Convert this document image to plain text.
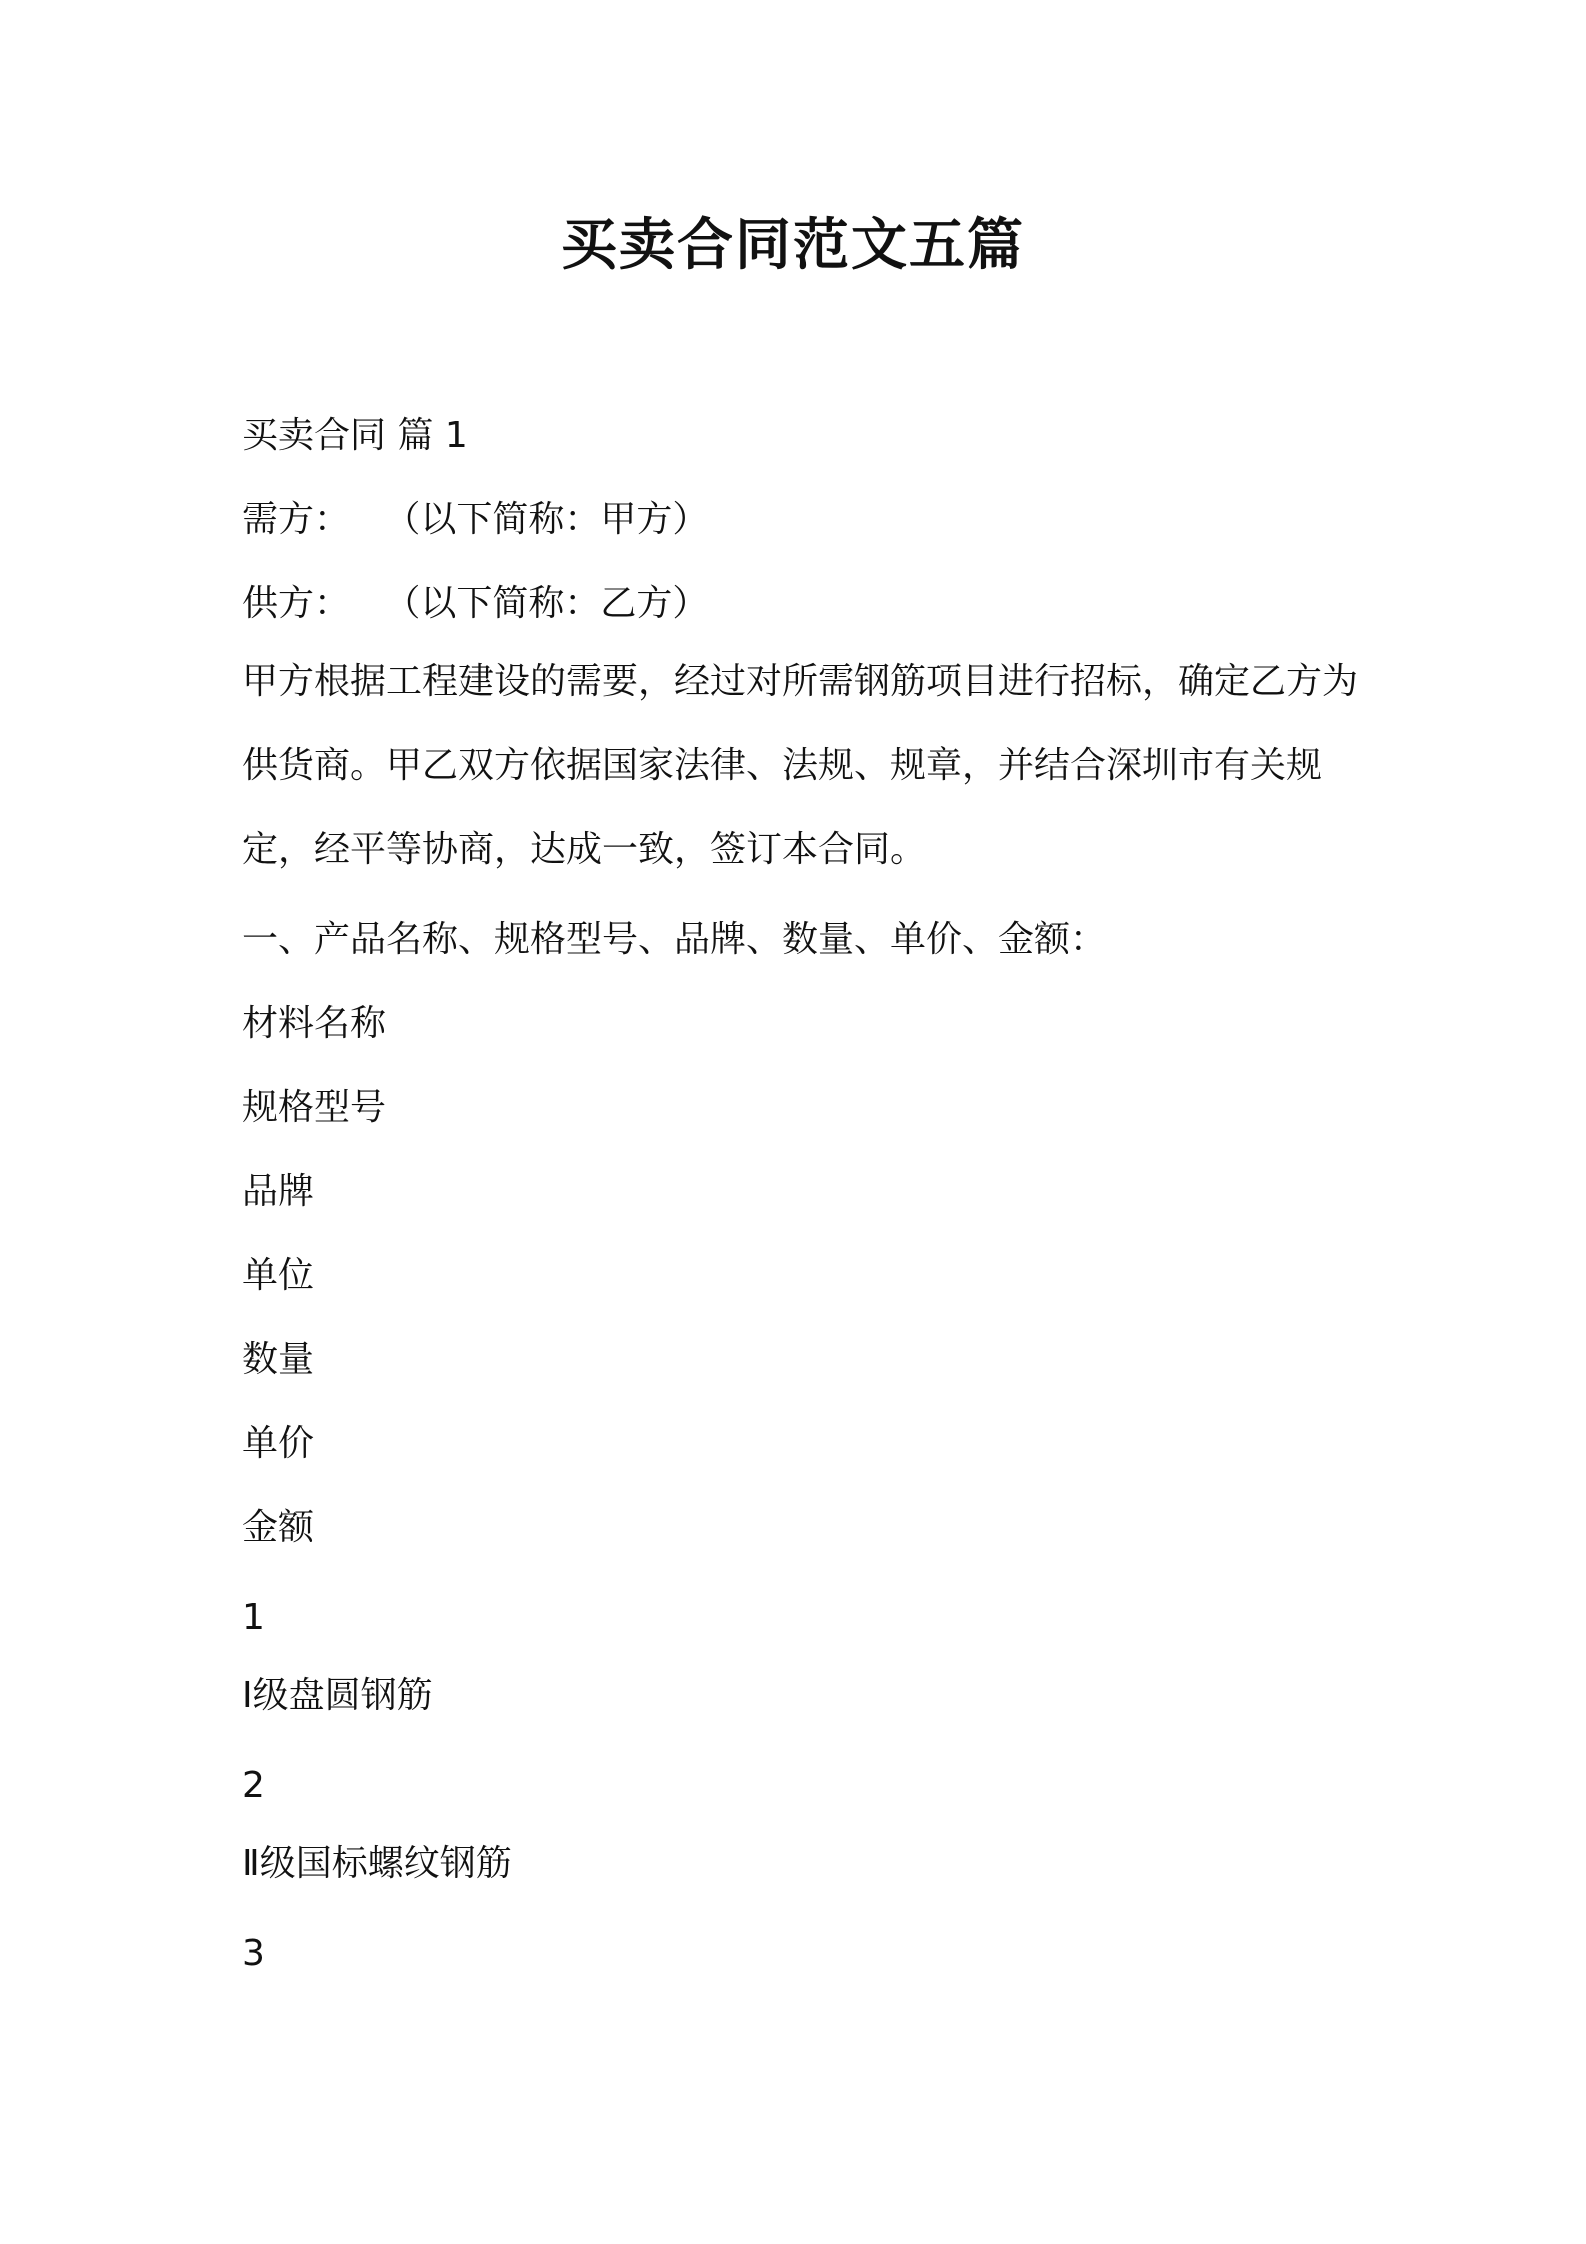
买卖合同范文五篇

买卖合同 篇 1

需方：   （以下简称：甲方）

供方：   （以下简称：乙方）

甲方根据工程建设的需要，经过对所需钢筋项目进行招标，确定乙方为供货商。甲乙双方依据国家法律、法规、规章，并结合深圳市有关规定，经平等协商，达成一致，签订本合同。

一、产品名称、规格型号、品牌、数量、单价、金额：

材料名称

规格型号

品牌

单位

数量

单价

金额

1

Ⅰ级盘圆钢筋

2

Ⅱ级国标螺纹钢筋

3
